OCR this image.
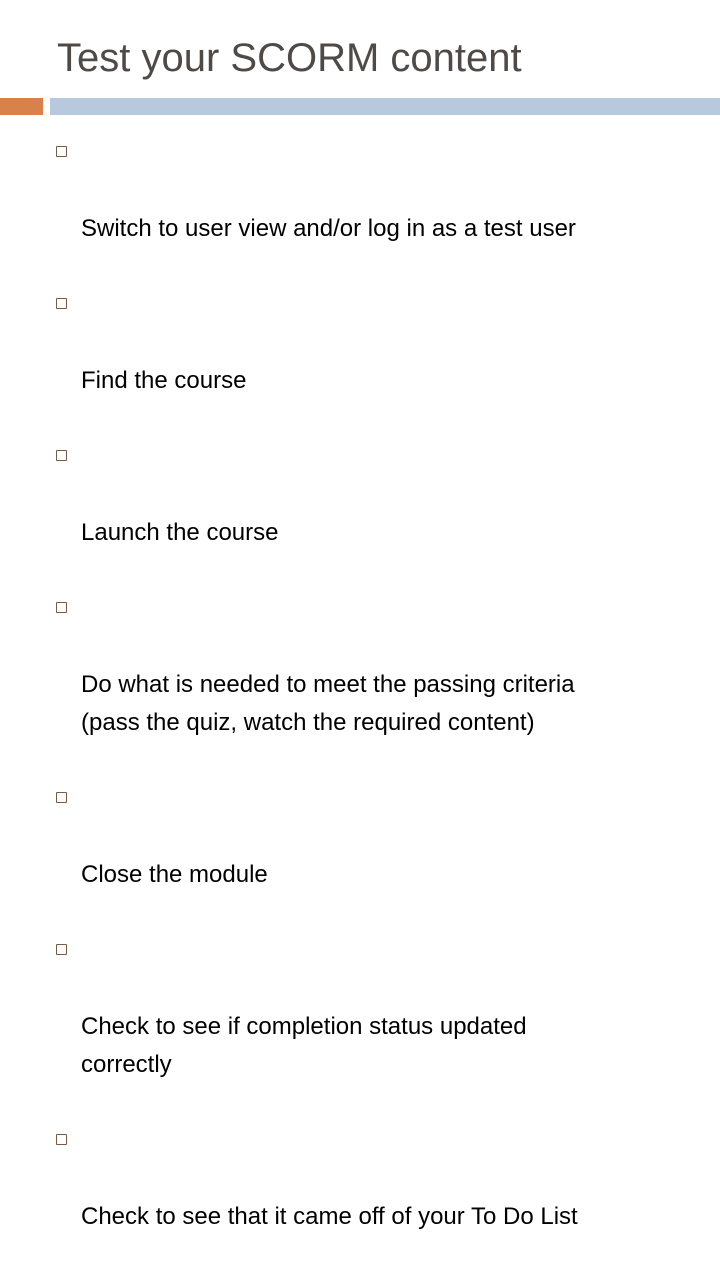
Test your SCORM content

Switch to user view and/or log in as a test user

Find the course

Launch the course

Do what is needed to meet the passing criteria
(pass the quiz, watch the required content)

Close the module

Check to see if completion status updated
correctly

Check to see that it came off of your To Do List
